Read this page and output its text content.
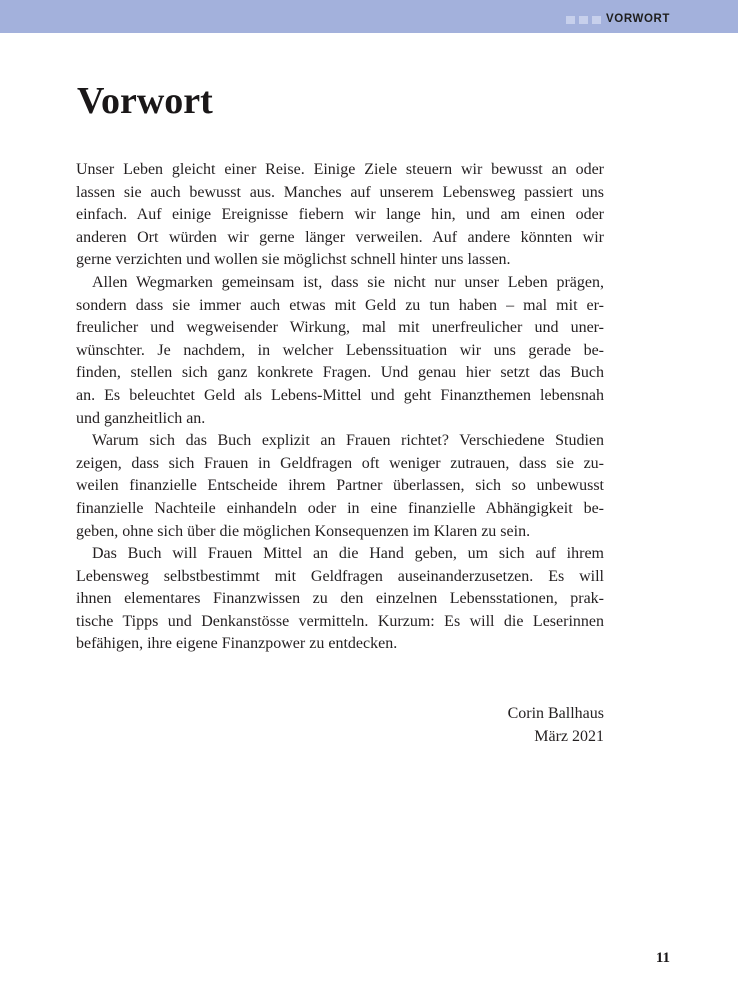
VORWORT
Vorwort
Unser Leben gleicht einer Reise. Einige Ziele steuern wir bewusst an oder
lassen sie auch bewusst aus. Manches auf unserem Lebensweg passiert uns
einfach. Auf einige Ereignisse fiebern wir lange hin, und am einen oder
anderen Ort würden wir gerne länger verweilen. Auf andere könnten wir
gerne verzichten und wollen sie möglichst schnell hinter uns lassen.
Allen Wegmarken gemeinsam ist, dass sie nicht nur unser Leben prägen,
sondern dass sie immer auch etwas mit Geld zu tun haben – mal mit er-
freulicher und wegweisender Wirkung, mal mit unerfreulicher und uner-
wünschter. Je nachdem, in welcher Lebenssituation wir uns gerade be-
finden, stellen sich ganz konkrete Fragen. Und genau hier setzt das Buch
an. Es beleuchtet Geld als Lebens-Mittel und geht Finanzthemen lebensnah
und ganzheitlich an.
Warum sich das Buch explizit an Frauen richtet? Verschiedene Studien
zeigen, dass sich Frauen in Geldfragen oft weniger zutrauen, dass sie zu-
weilen finanzielle Entscheide ihrem Partner überlassen, sich so unbewusst
finanzielle Nachteile einhandeln oder in eine finanzielle Abhängigkeit be-
geben, ohne sich über die möglichen Konsequenzen im Klaren zu sein.
Das Buch will Frauen Mittel an die Hand geben, um sich auf ihrem
Lebensweg selbstbestimmt mit Geldfragen auseinanderzusetzen. Es will
ihnen elementares Finanzwissen zu den einzelnen Lebensstationen, prak-
tische Tipps und Denkanstösse vermitteln. Kurzum: Es will die Leserinnen
befähigen, ihre eigene Finanzpower zu entdecken.
Corin Ballhaus
März 2021
11
